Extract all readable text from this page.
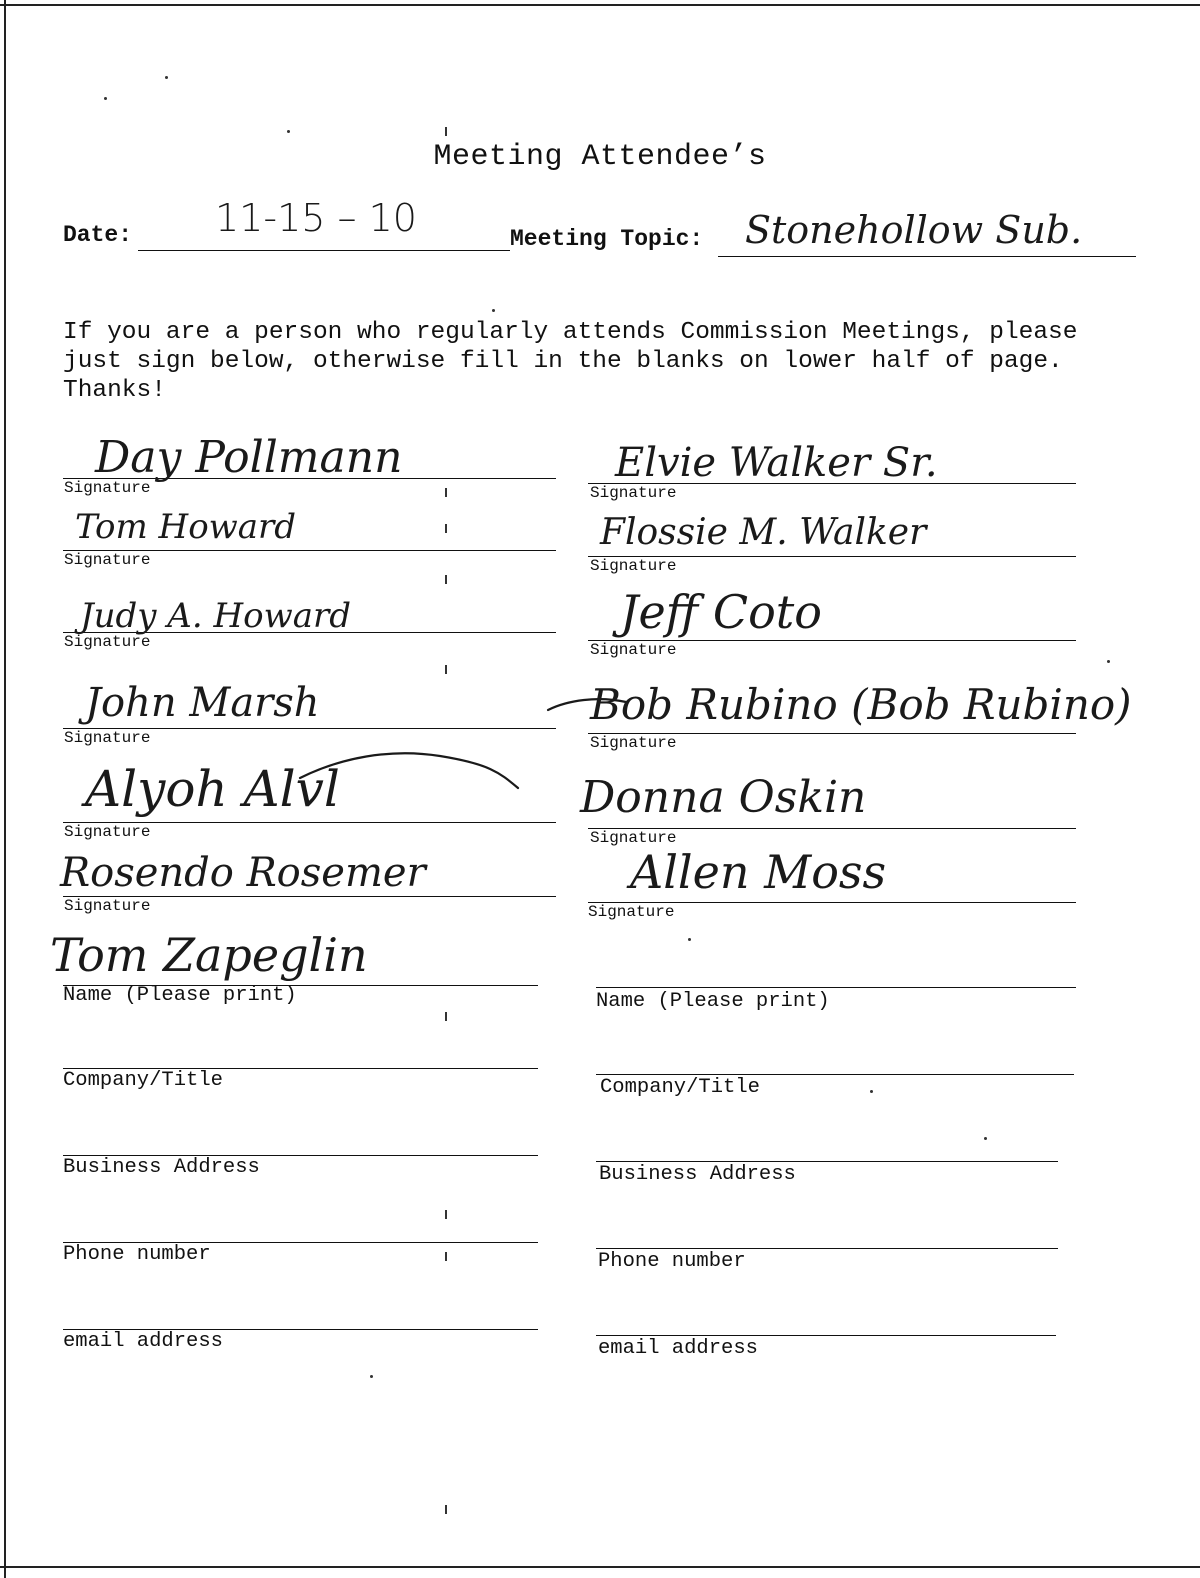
Meeting Attendee’s
Date: 11-15 – 10	Meeting Topic: Stonehollow Sub.
If you are a person who regularly attends Commission Meetings, please
just sign below, otherwise fill in the blanks on lower half of page.
Thanks!
Signature
Day Pollmann
Signature
Tom Howard
Signature
Judy A. Howard
Signature
John Marsh
Signature
Alyoh Alvl
Signature
Rosendo Rosemer
Tom Zapeglin
Name (Please print)
Company/Title
Business Address
Phone number
email address
Signature
Elvie Walker Sr.
Signature
Flossie M. Walker
Signature
Jeff Coto
Signature
Bob Rubino (Bob Rubino)
Signature
Donna Oskin
Signature
Allen Moss
Name (Please print)
Company/Title
Business Address
Phone number
email address
